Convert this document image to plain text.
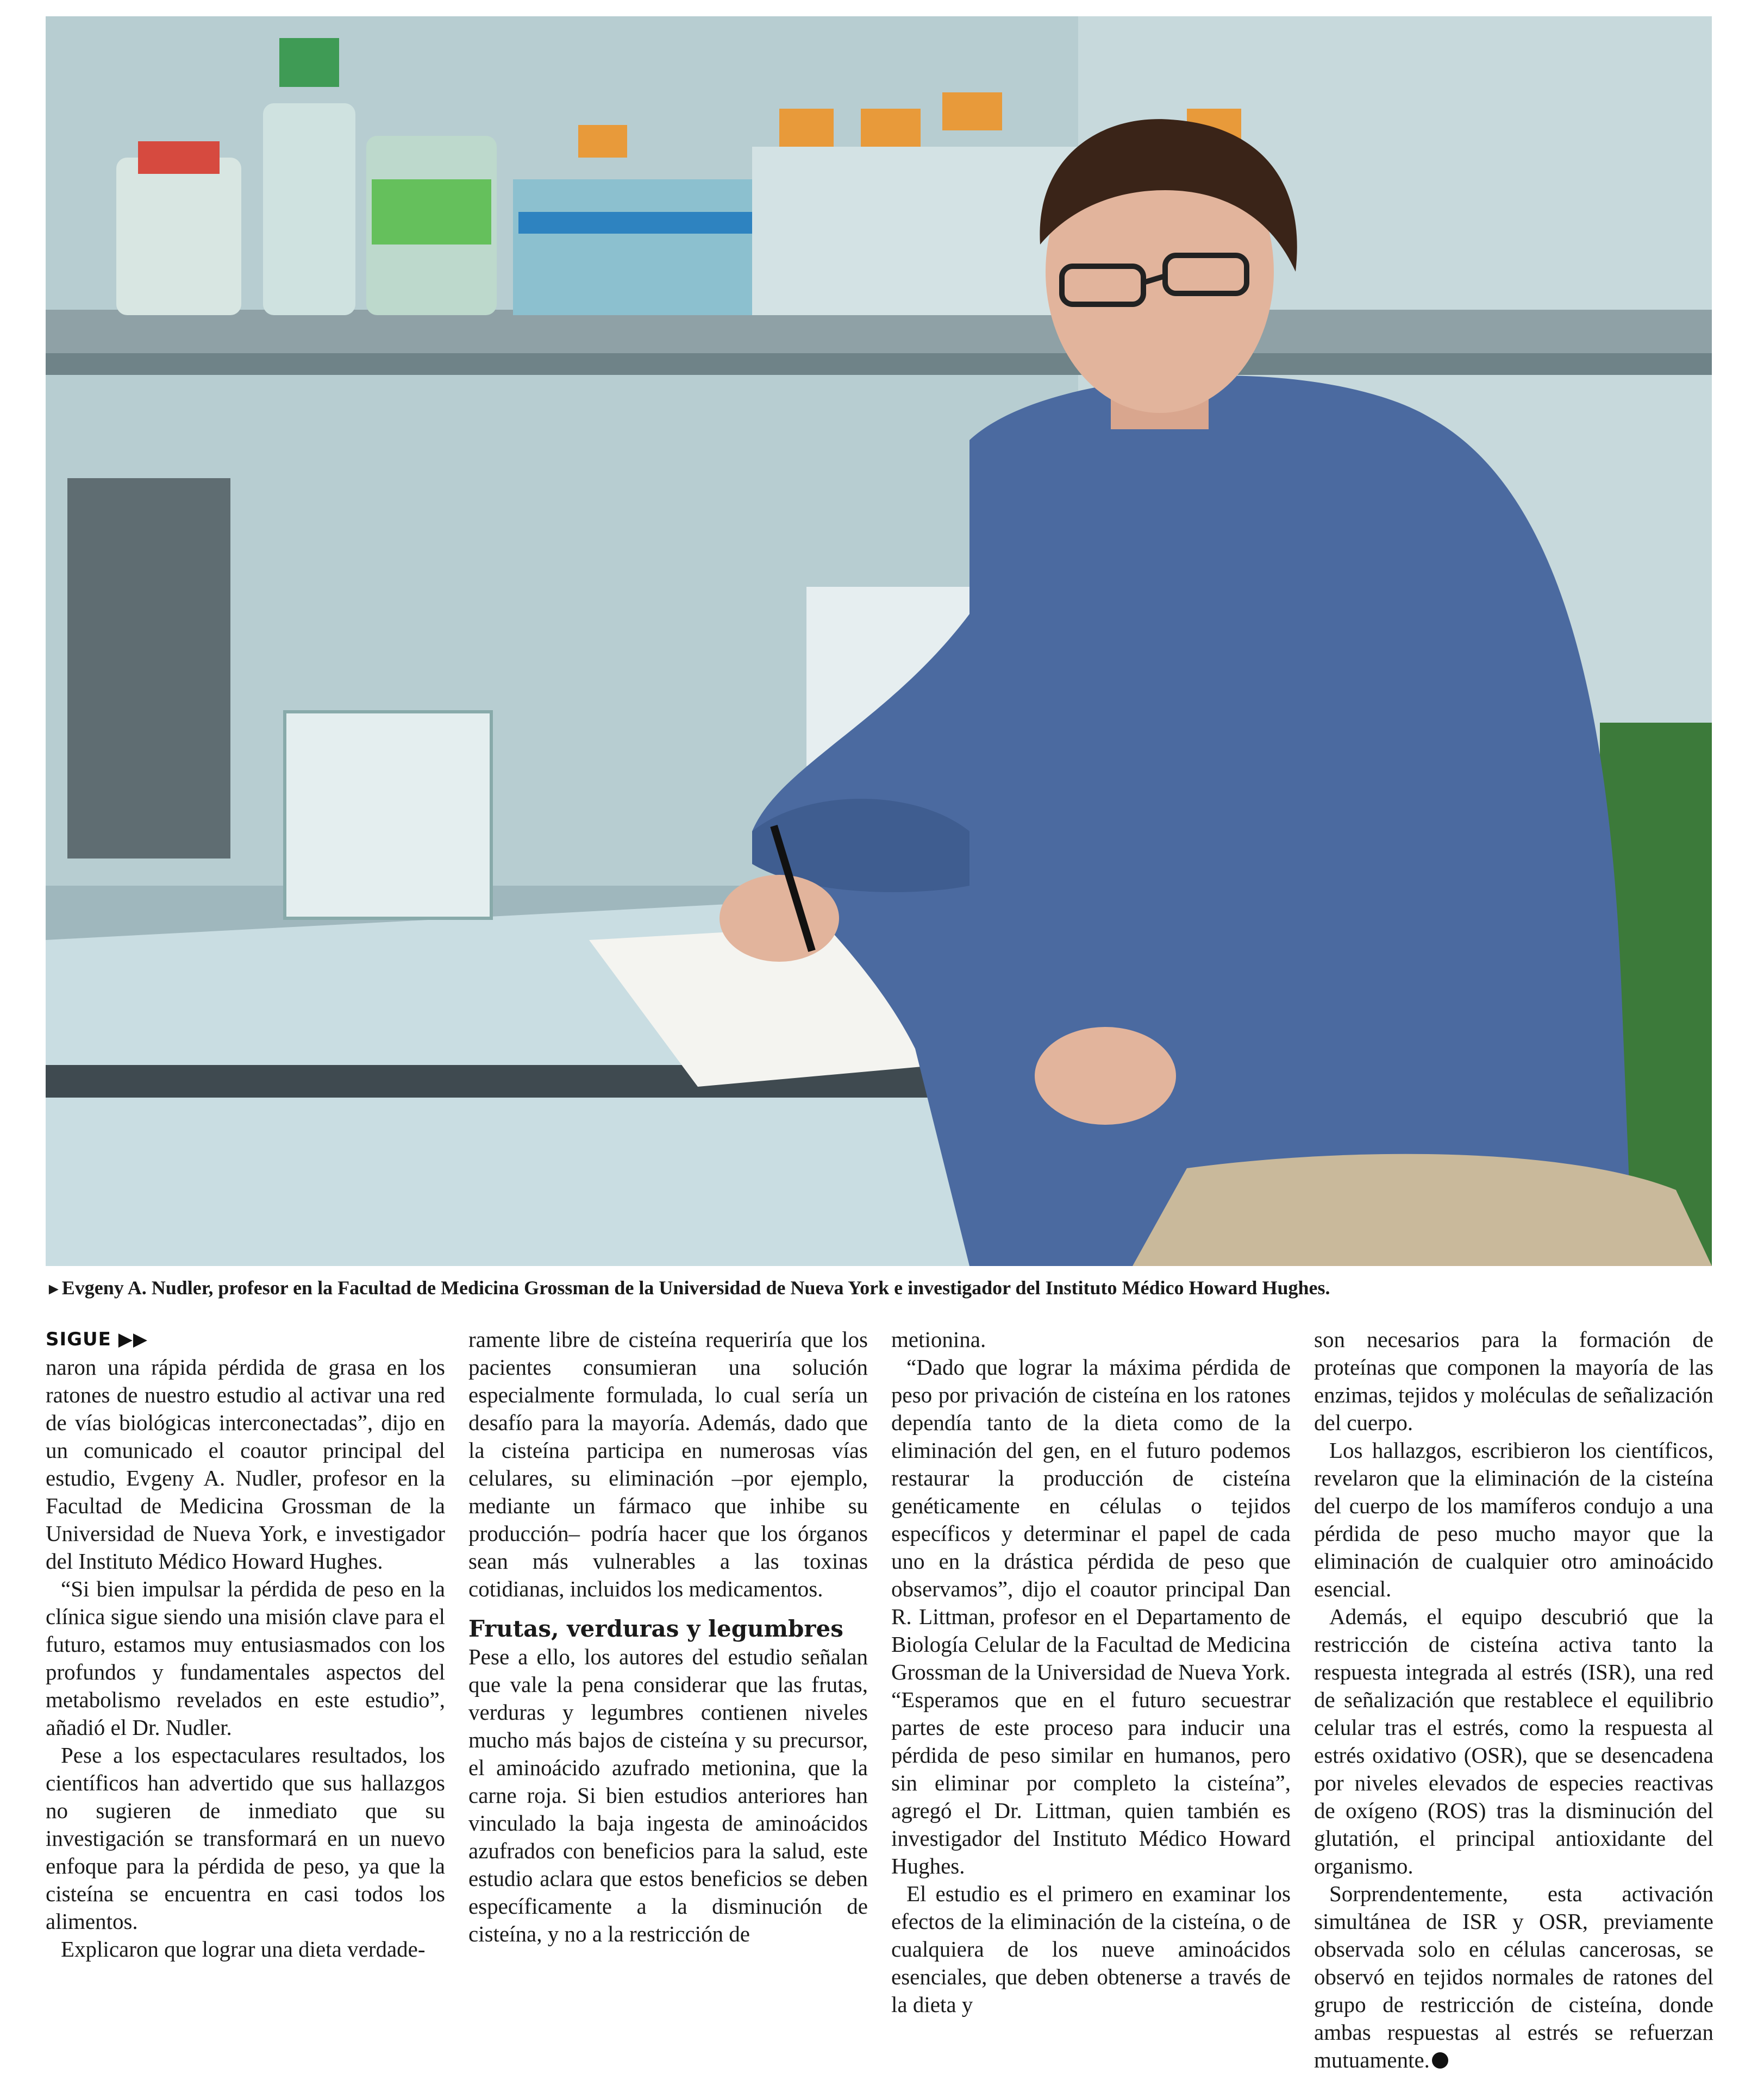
►Evgeny A. Nudler, profesor en la Facultad de Medicina Grossman de la Universidad de Nueva York e investigador del Instituto Médico Howard Hughes.
SIGUE ▶▶

naron una rápida pérdida de grasa en los ratones de nuestro estudio al activar una red de vías biológicas interconectadas”, dijo en un comunicado el coautor principal del estudio, Evgeny A. Nudler, profesor en la Facultad de Medicina Grossman de la Universidad de Nueva York, e investigador del Instituto Médico Howard Hughes.

“Si bien impulsar la pérdida de peso en la clínica sigue siendo una misión clave para el futuro, estamos muy entusiasmados con los profundos y fundamentales aspectos del metabolismo revelados en este estudio”, añadió el Dr. Nudler.

Pese a los espectaculares resultados, los científicos han advertido que sus hallazgos no sugieren de inmediato que su investigación se transformará en un nuevo enfoque para la pérdida de peso, ya que la cisteína se encuentra en casi todos los alimentos.

Explicaron que lograr una dieta verdade-

ramente libre de cisteína requeriría que los pacientes consumieran una solución especialmente formulada, lo cual sería un desafío para la mayoría. Además, dado que la cisteína participa en numerosas vías celulares, su eliminación –por ejemplo, mediante un fármaco que inhibe su producción– podría hacer que los órganos sean más vulnerables a las toxinas cotidianas, incluidos los medicamentos.

Frutas, verduras y legumbres

Pese a ello, los autores del estudio señalan que vale la pena considerar que las frutas, verduras y legumbres contienen niveles mucho más bajos de cisteína y su precursor, el aminoácido azufrado metionina, que la carne roja. Si bien estudios anteriores han vinculado la baja ingesta de aminoácidos azufrados con beneficios para la salud, este estudio aclara que estos beneficios se deben específicamente a la disminución de cisteína, y no a la restricción de

metionina.

“Dado que lograr la máxima pérdida de peso por privación de cisteína en los ratones dependía tanto de la dieta como de la eliminación del gen, en el futuro podemos restaurar la producción de cisteína genéticamente en células o tejidos específicos y determinar el papel de cada uno en la drástica pérdida de peso que observamos”, dijo el coautor principal Dan R. Littman, profesor en el Departamento de Biología Celular de la Facultad de Medicina Grossman de la Universidad de Nueva York. “Esperamos que en el futuro secuestrar partes de este proceso para inducir una pérdida de peso similar en humanos, pero sin eliminar por completo la cisteína”, agregó el Dr. Littman, quien también es investigador del Instituto Médico Howard Hughes.

El estudio es el primero en examinar los efectos de la eliminación de la cisteína, o de cualquiera de los nueve aminoácidos esenciales, que deben obtenerse a través de la dieta y

son necesarios para la formación de proteínas que componen la mayoría de las enzimas, tejidos y moléculas de señalización del cuerpo.

Los hallazgos, escribieron los científicos, revelaron que la eliminación de la cisteína del cuerpo de los mamíferos condujo a una pérdida de peso mucho mayor que la eliminación de cualquier otro aminoácido esencial.

Además, el equipo descubrió que la restricción de cisteína activa tanto la respuesta integrada al estrés (ISR), una red de señalización que restablece el equilibrio celular tras el estrés, como la respuesta al estrés oxidativo (OSR), que se desencadena por niveles elevados de especies reactivas de oxígeno (ROS) tras la disminución del glutatión, el principal antioxidante del organismo.

Sorprendentemente, esta activación simultánea de ISR y OSR, previamente observada solo en células cancerosas, se observó en tejidos normales de ratones del grupo de restricción de cisteína, donde ambas respuestas al estrés se refuerzan mutuamente.
